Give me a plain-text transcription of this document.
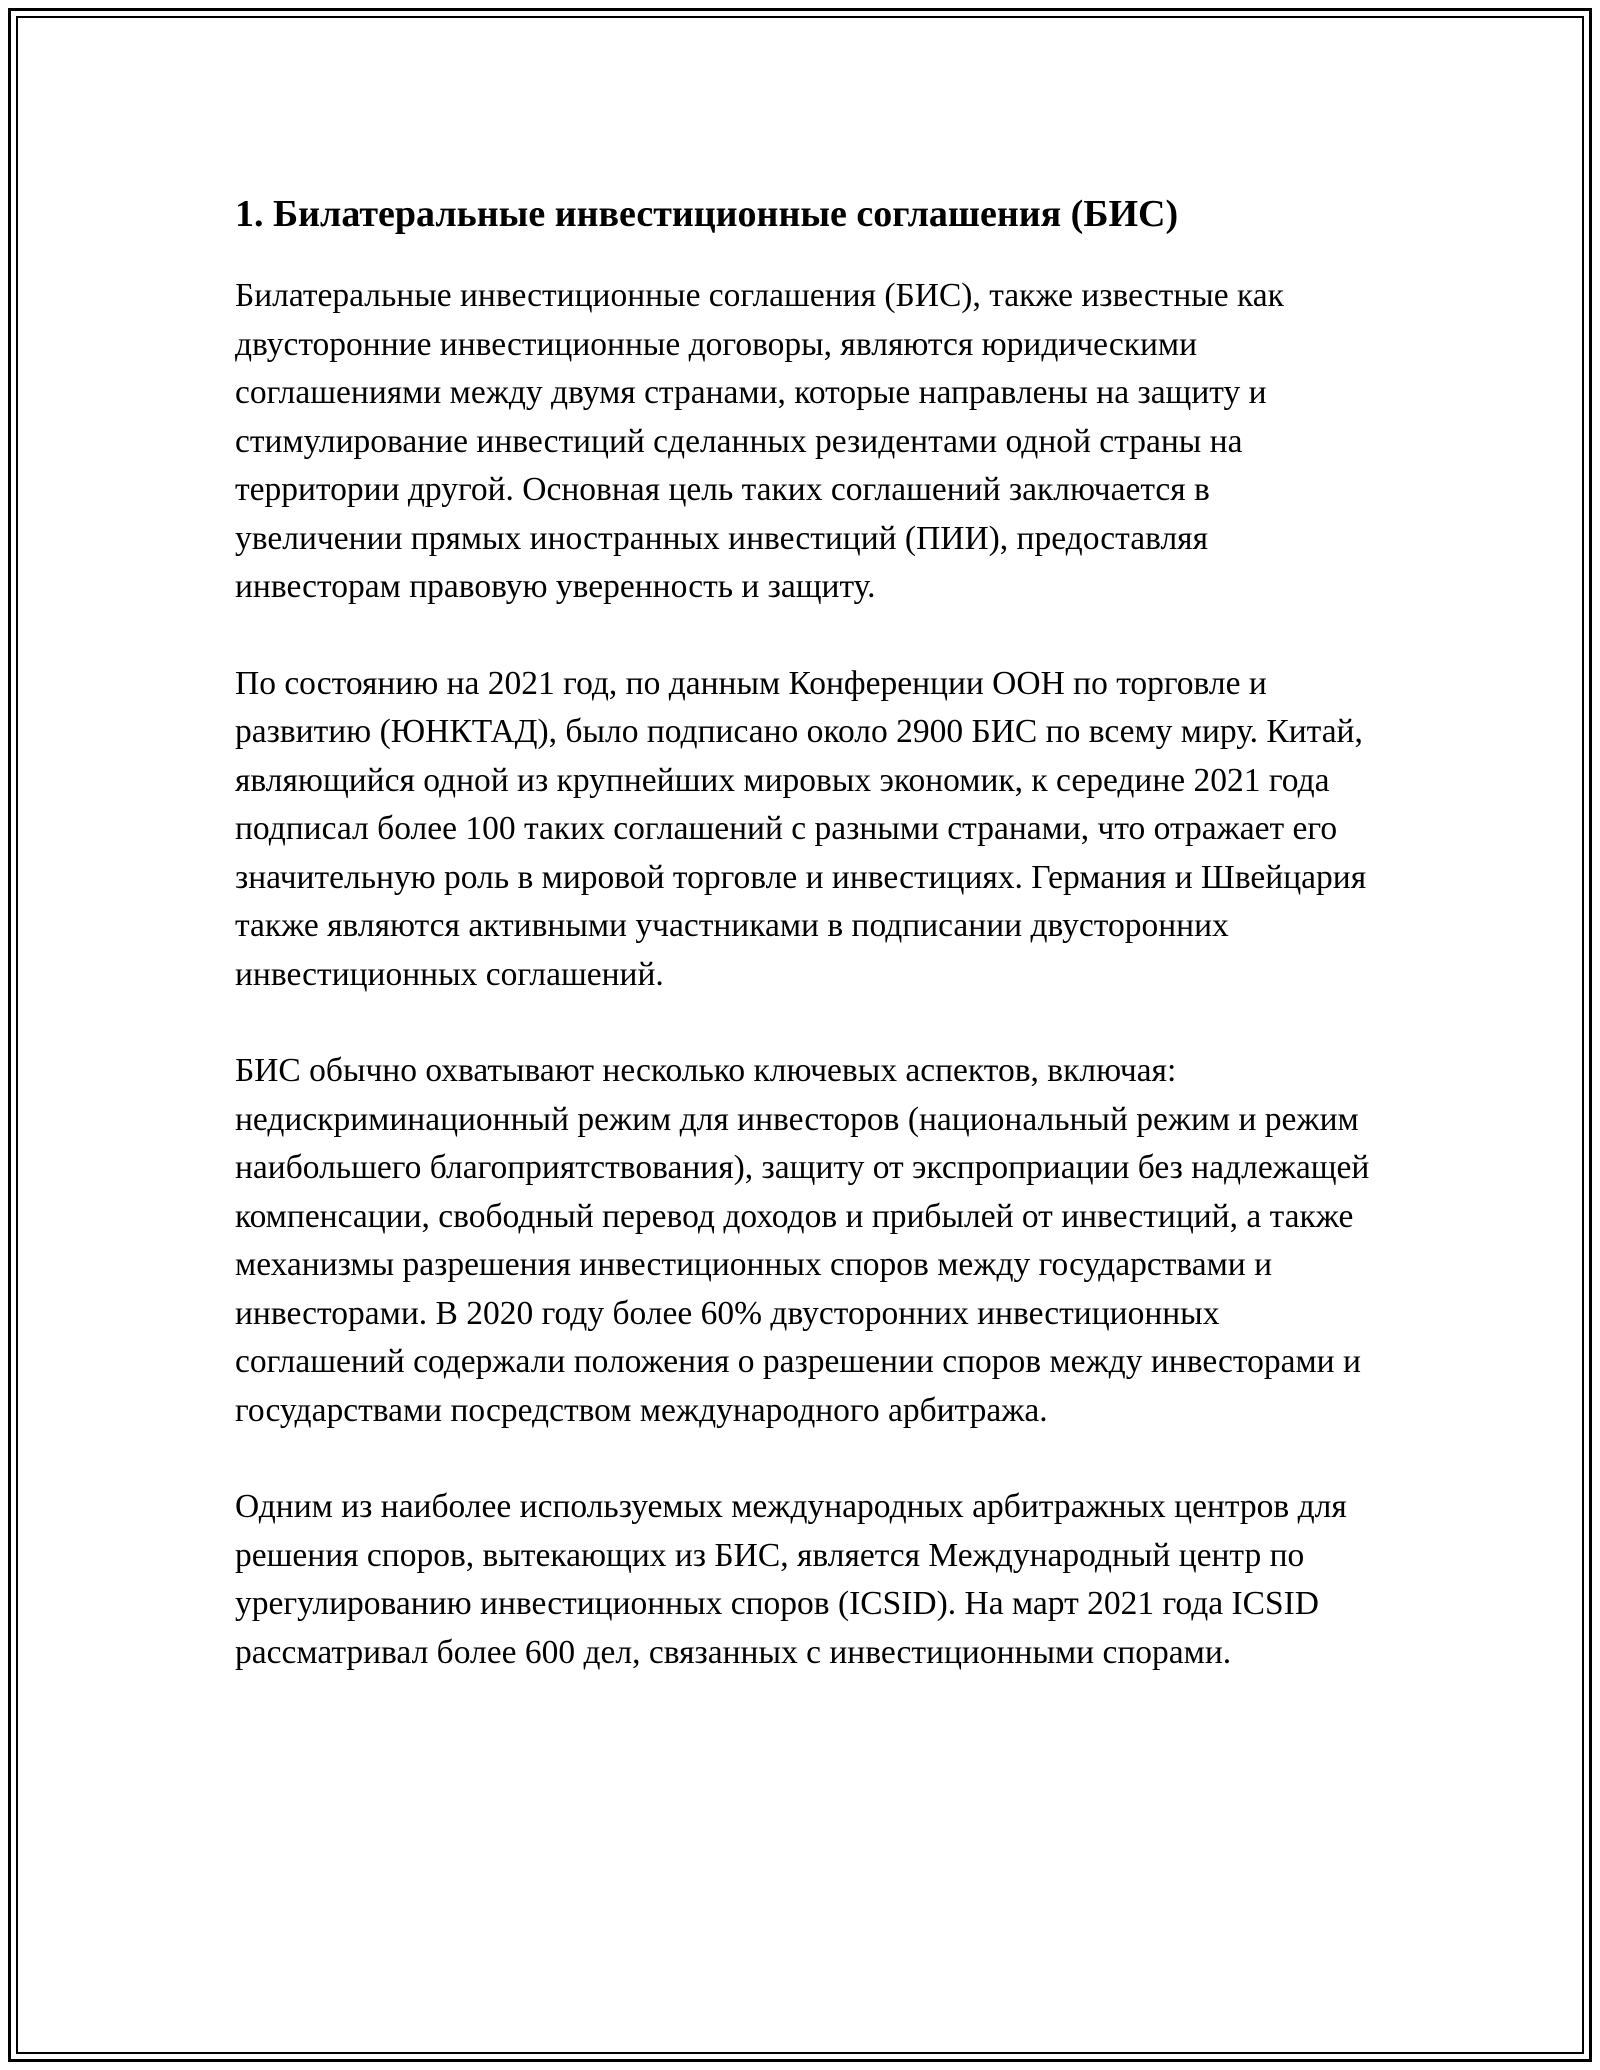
1. Билатеральные инвестиционные соглашения (БИС)

Билатеральные инвестиционные соглашения (БИС), также известные как двусторонние инвестиционные договоры, являются юридическими соглашениями между двумя странами, которые направлены на защиту и стимулирование инвестиций сделанных резидентами одной страны на территории другой. Основная цель таких соглашений заключается в увеличении прямых иностранных инвестиций (ПИИ), предоставляя инвесторам правовую уверенность и защиту.

По состоянию на 2021 год, по данным Конференции ООН по торговле и развитию (ЮНКТАД), было подписано около 2900 БИС по всему миру. Китай, являющийся одной из крупнейших мировых экономик, к середине 2021 года подписал более 100 таких соглашений с разными странами, что отражает его значительную роль в мировой торговле и инвестициях. Германия и Швейцария также являются активными участниками в подписании двусторонних инвестиционных соглашений.

БИС обычно охватывают несколько ключевых аспектов, включая: недискриминационный режим для инвесторов (национальный режим и режим наибольшего благоприятствования), защиту от экспроприации без надлежащей компенсации, свободный перевод доходов и прибылей от инвестиций, а также механизмы разрешения инвестиционных споров между государствами и инвесторами. В 2020 году более 60% двусторонних инвестиционных соглашений содержали положения о разрешении споров между инвесторами и государствами посредством международного арбитража.

Одним из наиболее используемых международных арбитражных центров для решения споров, вытекающих из БИС, является Международный центр по урегулированию инвестиционных споров (ICSID). На март 2021 года ICSID рассматривал более 600 дел, связанных с инвестиционными спорами.
